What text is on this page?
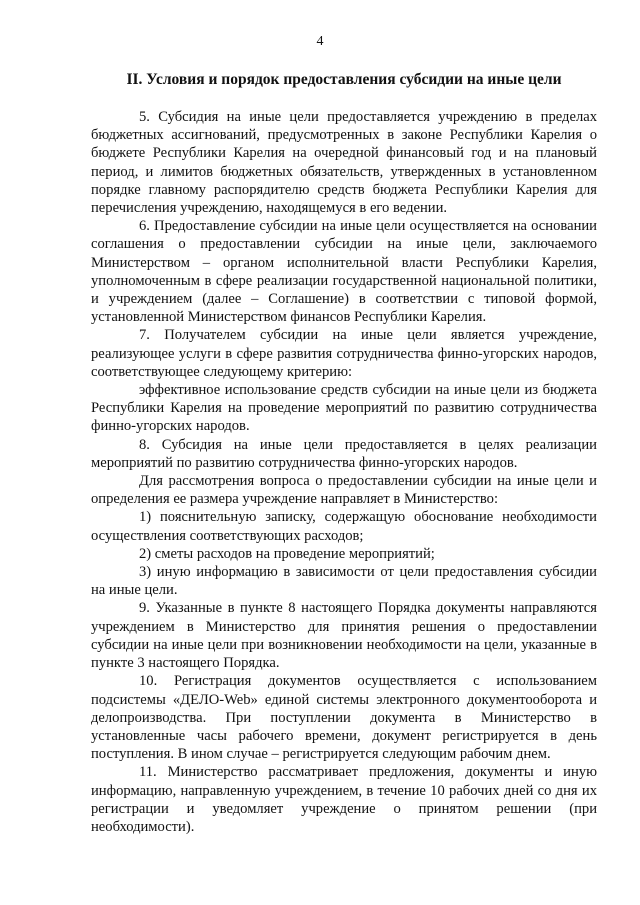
4
II. Условия и порядок предоставления субсидии на иные цели

5. Субсидия на иные цели предоставляется учреждению в пределах бюджетных ассигнований, предусмотренных в законе Республики Карелия о бюджете Республики Карелия на очередной финансовый год и на плановый период, и лимитов бюджетных обязательств, утвержденных в установленном порядке главному распорядителю средств бюджета Республики Карелия для перечисления учреждению, находящемуся в его ведении.

6. Предоставление субсидии на иные цели осуществляется на основании соглашения о предоставлении субсидии на иные цели, заключаемого Министерством – органом исполнительной власти Республики Карелия, уполномоченным в сфере реализации государственной национальной политики, и учреждением (далее – Соглашение) в соответствии с типовой формой, установленной Министерством финансов Республики Карелия.

7. Получателем субсидии на иные цели является учреждение, реализующее услуги в сфере развития сотрудничества финно-угорских народов, соответствующее следующему критерию:

эффективное использование средств субсидии на иные цели из бюджета Республики Карелия на проведение мероприятий по развитию сотрудничества финно-угорских народов.

8. Субсидия на иные цели предоставляется в целях реализации мероприятий по развитию сотрудничества финно-угорских народов.

Для рассмотрения вопроса о предоставлении субсидии на иные цели и определения ее размера учреждение направляет в Министерство:

1) пояснительную записку, содержащую обоснование необходимости осуществления соответствующих расходов;

2) сметы расходов на проведение мероприятий;

3) иную информацию в зависимости от цели предоставления субсидии на иные цели.

9. Указанные в пункте 8 настоящего Порядка документы направляются учреждением в Министерство для принятия решения о предоставлении субсидии на иные цели при возникновении необходимости на цели, указанные в пункте 3 настоящего Порядка.

10. Регистрация документов осуществляется с использованием подсистемы «ДЕЛО-Web» единой системы электронного документооборота и делопроизводства. При поступлении документа в Министерство в установленные часы рабочего времени, документ регистрируется в день поступления. В ином случае – регистрируется следующим рабочим днем.

11. Министерство рассматривает предложения, документы и иную информацию, направленную учреждением, в течение 10 рабочих дней со дня их регистрации и уведомляет учреждение о принятом решении (при необходимости).
